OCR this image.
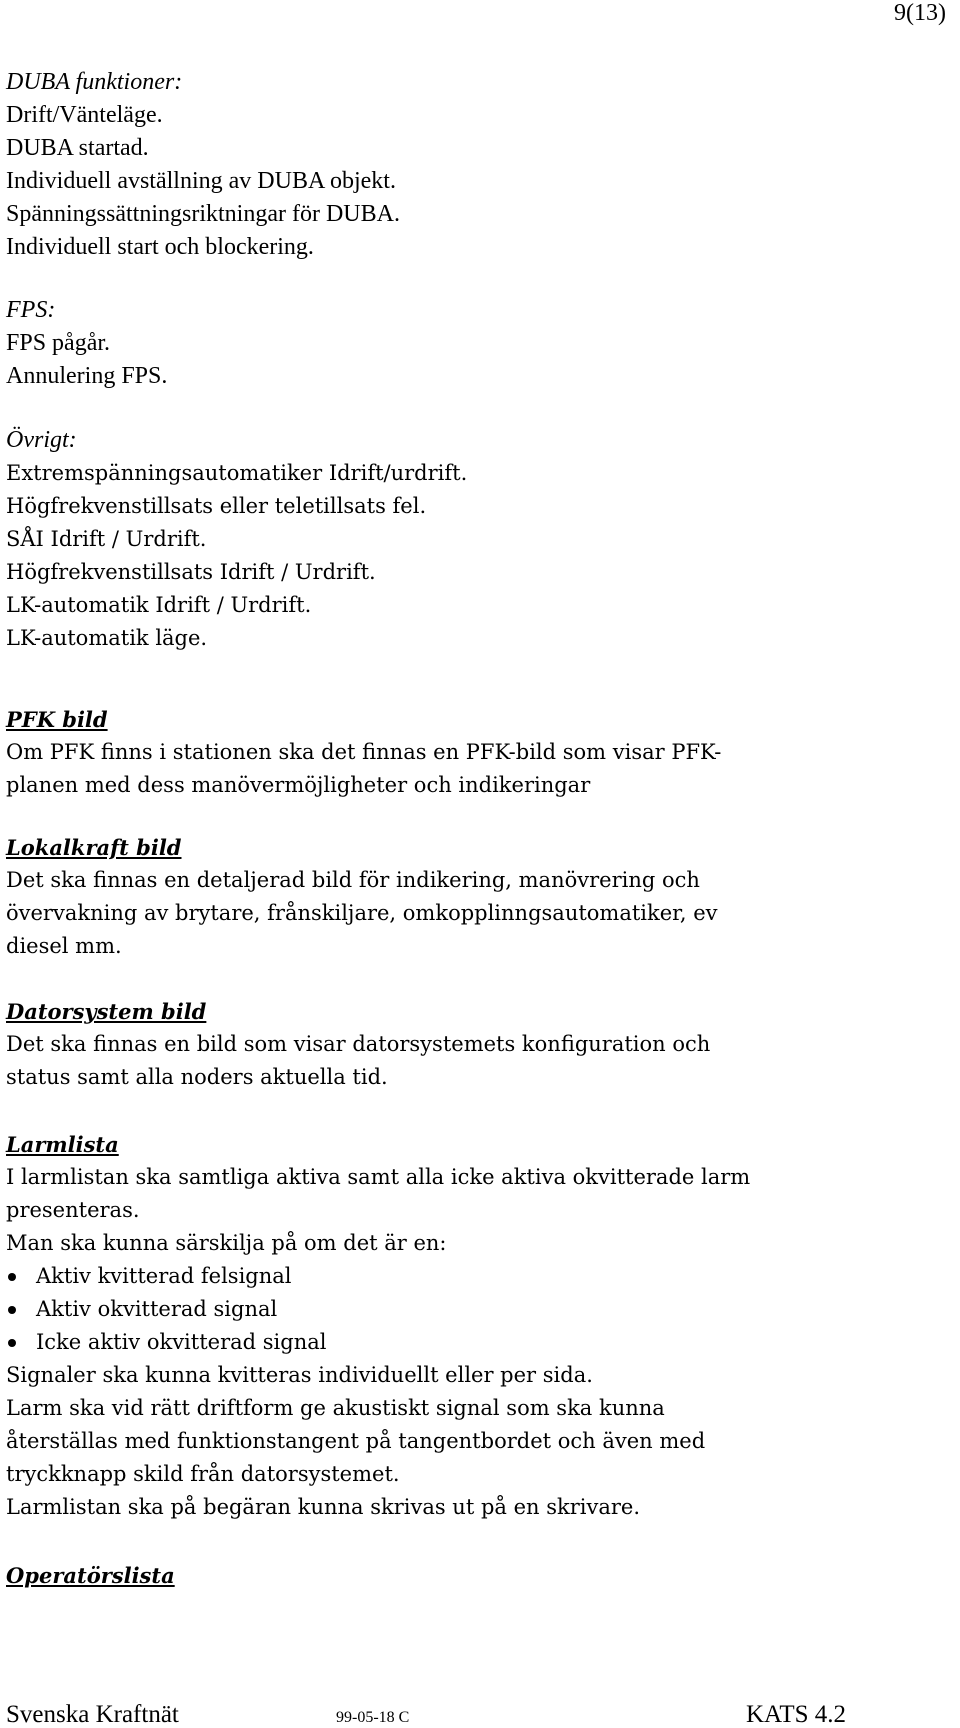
9(13)
DUBA funktioner:
Drift/Vänteläge.
DUBA startad.
Individuell avställning av DUBA objekt.
Spänningssättningsriktningar för DUBA.
Individuell start och blockering.
FPS:
FPS pågår.
Annulering FPS.
Övrigt:
Extremspänningsautomatiker Idrift/urdrift.
Högfrekvenstillsats eller teletillsats fel.
SÅI Idrift / Urdrift.
Högfrekvenstillsats Idrift / Urdrift.
LK-automatik Idrift / Urdrift.
LK-automatik läge.
PFK bild
Om PFK finns i stationen ska det finnas en PFK-bild som visar PFK-
planen med dess manövermöjligheter och indikeringar
Lokalkraft bild
Det ska finnas en detaljerad bild för indikering, manövrering och
övervakning av brytare, frånskiljare, omkopplinngsautomatiker, ev
diesel mm.
Datorsystem bild
Det ska finnas en bild som visar datorsystemets konfiguration och
status samt alla noders aktuella tid.
Larmlista
I larmlistan ska samtliga aktiva samt alla icke aktiva okvitterade larm
presenteras.
Man ska kunna särskilja på om det är en:
Aktiv kvitterad felsignal
Aktiv okvitterad signal
Icke aktiv okvitterad signal
Signaler ska kunna kvitteras individuellt eller per sida.
Larm ska vid rätt driftform ge akustiskt signal som ska kunna
återställas med funktionstangent på tangentbordet och även med
tryckknapp skild från datorsystemet.
Larmlistan ska på begäran kunna skrivas ut på en skrivare.
Operatörslista
Svenska Kraftnät	99-05-18 C	KATS 4.2
